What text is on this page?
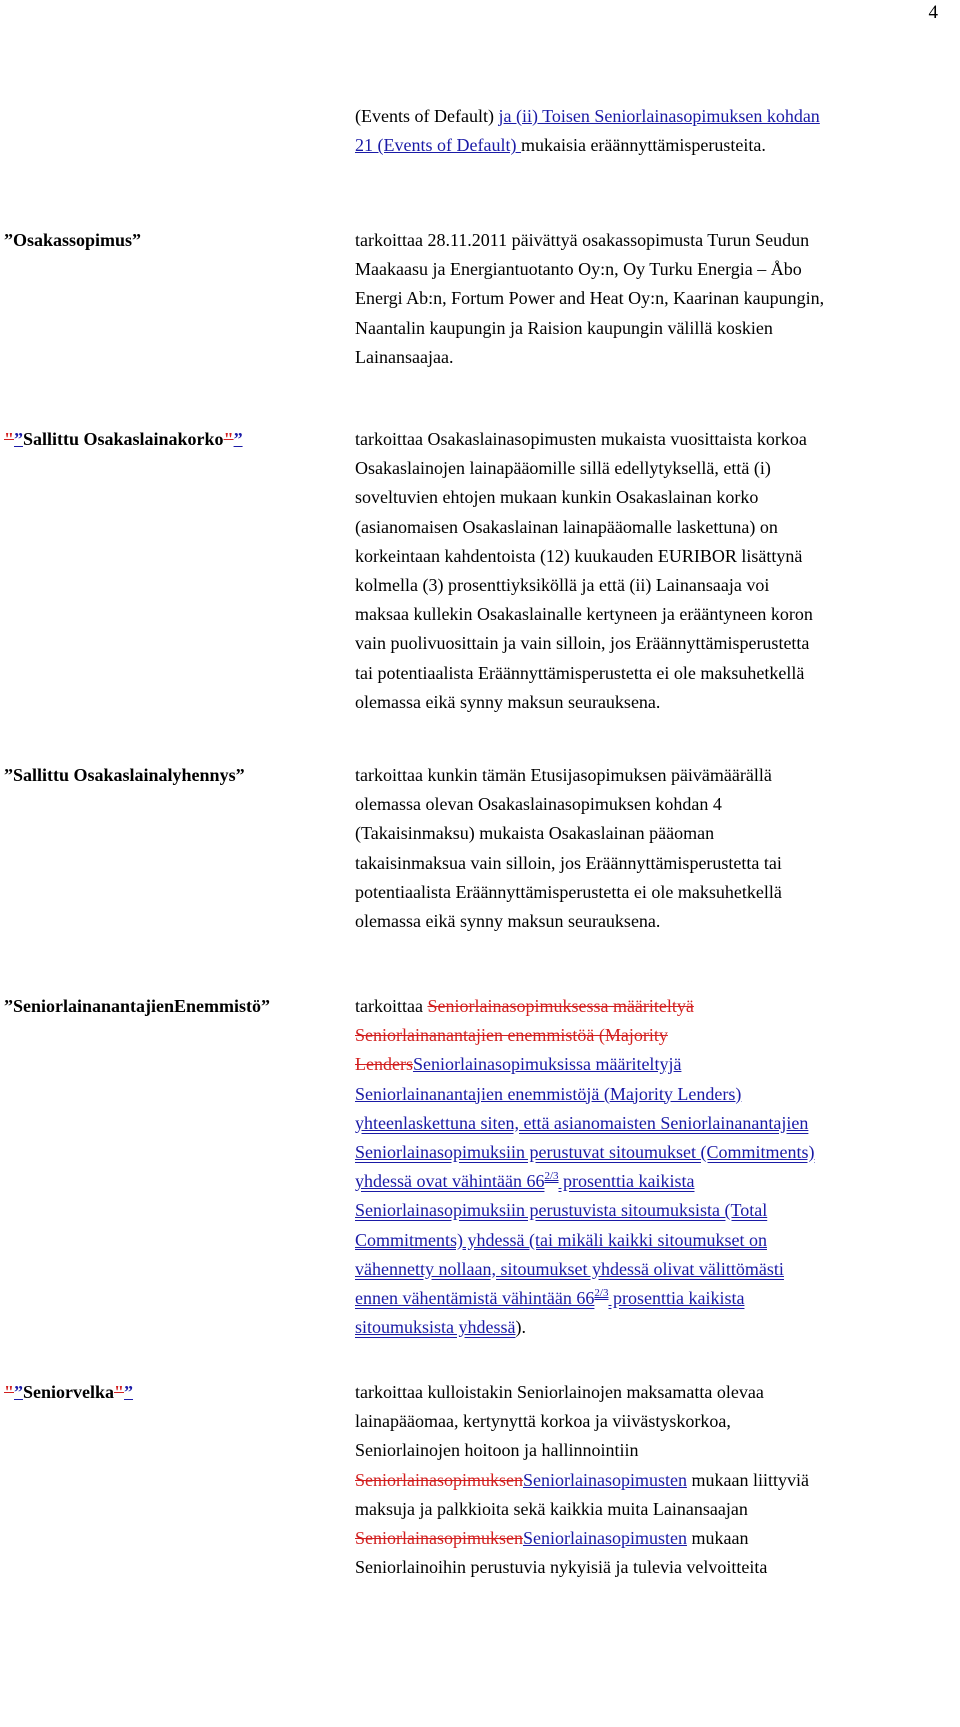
4
(Events of Default) ja (ii) Toisen Seniorlainasopimuksen kohdan
21 (Events of Default) mukaisia eräännyttämisperusteita.
”Osakassopimus”	tarkoittaa 28.11.2011 päivättyä osakassopimusta Turun Seudun
Maakaasu ja Energiantuotanto Oy:n, Oy Turku Energia – Åbo
Energi Ab:n, Fortum Power and Heat Oy:n, Kaarinan kaupungin,
Naantalin kaupungin ja Raision kaupungin välillä koskien
Lainansaajaa.
"”Sallittu Osakaslainakorko"”	tarkoittaa Osakaslainasopimusten mukaista vuosittaista korkoa
Osakaslainojen lainapääomille sillä edellytyksellä, että (i)
soveltuvien ehtojen mukaan kunkin Osakaslainan korko
(asianomaisen Osakaslainan lainapääomalle laskettuna) on
korkeintaan kahdentoista (12) kuukauden EURIBOR lisättynä
kolmella (3) prosenttiyksiköllä ja että (ii) Lainansaaja voi
maksaa kullekin Osakaslainalle kertyneen ja erääntyneen koron
vain puolivuosittain ja vain silloin, jos Eräännyttämisperustetta
tai potentiaalista Eräännyttämisperustetta ei ole maksuhetkellä
olemassa eikä synny maksun seurauksena.
”Sallittu Osakaslainalyhennys”	tarkoittaa kunkin tämän Etusijasopimuksen päivämäärällä
olemassa olevan Osakaslainasopimuksen kohdan 4
(Takaisinmaksu) mukaista Osakaslainan pääoman
takaisinmaksua vain silloin, jos Eräännyttämisperustetta tai
potentiaalista Eräännyttämisperustetta ei ole maksuhetkellä
olemassa eikä synny maksun seurauksena.
”SeniorlainanantajienEnemmistö”	tarkoittaa Seniorlainasopimuksessa määriteltyä
Seniorlainanantajien enemmistöä (Majority
LendersSeniorlainasopimuksissa määriteltyjä
Seniorlainanantajien enemmistöjä (Majority Lenders)
yhteenlaskettuna siten, että asianomaisten Seniorlainanantajien
Seniorlainasopimuksiin perustuvat sitoumukset (Commitments)
yhdessä ovat vähintään $66^{2/3}$ prosenttia kaikista
Seniorlainasopimuksiin perustuvista sitoumuksista (Total
Commitments) yhdessä (tai mikäli kaikki sitoumukset on
vähennetty nollaan, sitoumukset yhdessä olivat välittömästi
ennen vähentämistä vähintään $66^{2/3}$ prosenttia kaikista
sitoumuksista yhdessä).
"”Seniorvelka"”	tarkoittaa kulloistakin Seniorlainojen maksamatta olevaa
lainapääomaa, kertynyttä korkoa ja viivästyskorkoa,
Seniorlainojen hoitoon ja hallinnointiin
SeniorlainasopimuksenSeniorlainasopimusten mukaan liittyviä
maksuja ja palkkioita sekä kaikkia muita Lainansaajan
SeniorlainasopimuksenSeniorlainasopimusten mukaan
Seniorlainoihin perustuvia nykyisiä ja tulevia velvoitteita
